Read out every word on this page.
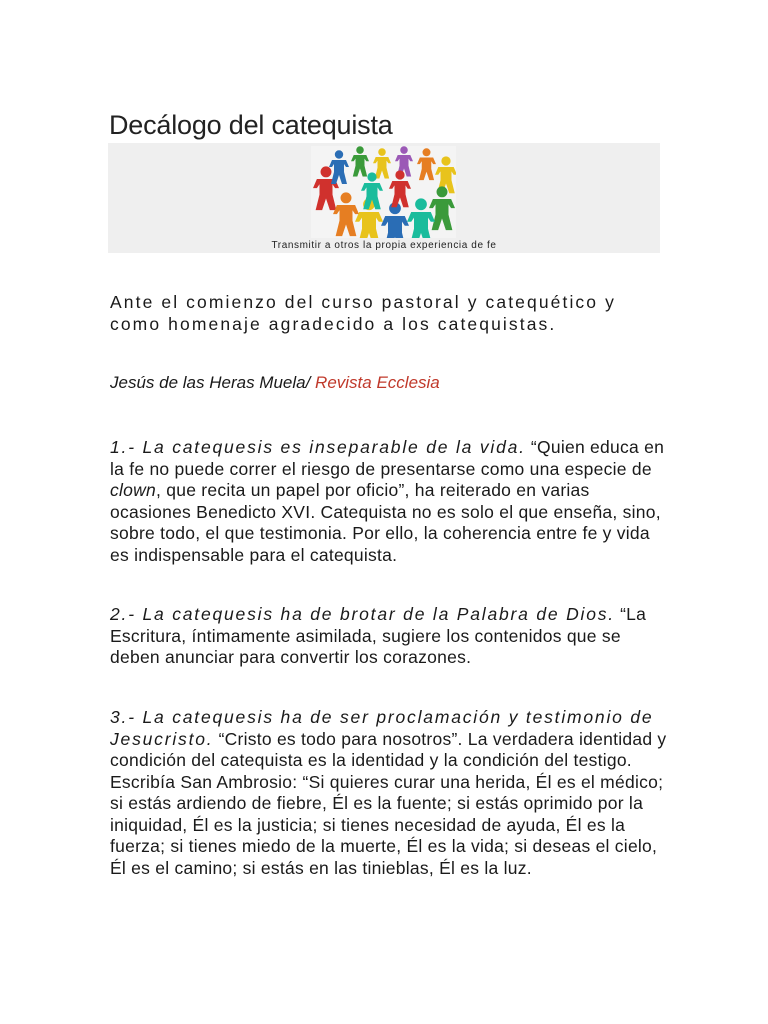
Decálogo del catequista
Transmitir a otros la propia experiencia de fe

Ante el comienzo del curso pastoral y catequético y como homenaje agradecido a los catequistas.

Jesús de las Heras Muela/ Revista Ecclesia

1.- La catequesis es inseparable de la vida. “Quien educa en la fe no puede correr el riesgo de presentarse como una especie de clown, que recita un papel por oficio”, ha reiterado en varias ocasiones Benedicto XVI. Catequista no es solo el que enseña, sino, sobre todo, el que testimonia. Por ello, la coherencia entre fe y vida es indispensable para el catequista.

2.- La catequesis ha de brotar de la Palabra de Dios. “La Escritura, íntimamente asimilada, sugiere los contenidos que se deben anunciar para convertir los corazones.

3.- La catequesis ha de ser proclamación y testimonio de Jesucristo. “Cristo es todo para nosotros”. La verdadera identidad y condición del catequista es la identidad y la condición del testigo. Escribía San Ambrosio: “Si quieres curar una herida, Él es el médico; si estás ardiendo de fiebre, Él es la fuente; si estás oprimido por la iniquidad, Él es la justicia; si tienes necesidad de ayuda, Él es la fuerza; si tienes miedo de la muerte, Él es la vida; si deseas el cielo, Él es el camino; si estás en las tinieblas, Él es la luz.
